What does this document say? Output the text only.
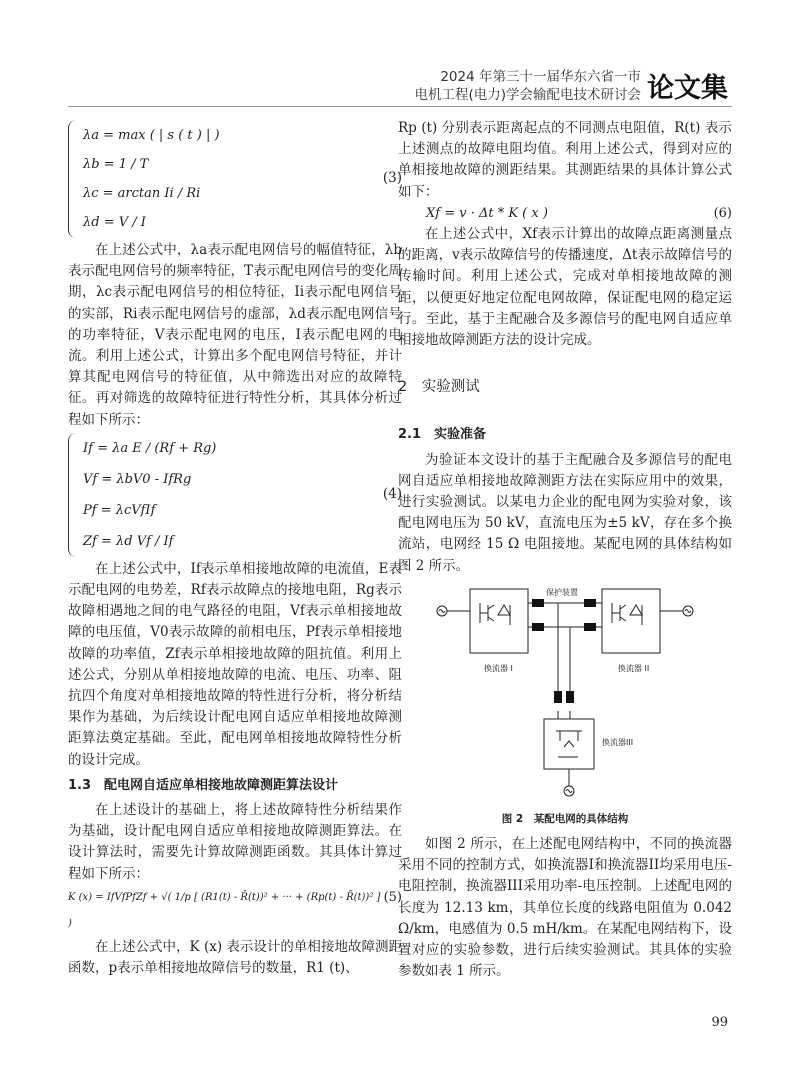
2024 年第三十一届华东六省一市
电机工程(电力)学会输配电技术研讨会 论文集
λa = max ( | s ( t ) | )
λb = 1 / T
λc = arctan Ii / Ri
λd = V / I
(3)

在上述公式中，λa表示配电网信号的幅值特征，λb表示配电网信号的频率特征，T表示配电网信号的变化周期，λc表示配电网信号的相位特征，Ii表示配电网信号的实部，Ri表示配电网信号的虚部，λd表示配电网信号的功率特征，V表示配电网的电压，I表示配电网的电流。利用上述公式，计算出多个配电网信号特征，并计算其配电网信号的特征值，从中筛选出对应的故障特征。再对筛选的故障特征进行特性分析，其具体分析过程如下所示：

If = λa E / (Rf + Rg)
Vf = λbV0 - IfRg
Pf = λcVfIf
Zf = λd Vf / If
(4)

在上述公式中，If表示单相接地故障的电流值，E表示配电网的电势差，Rf表示故障点的接地电阻，Rg表示故障相遇地之间的电气路径的电阻，Vf表示单相接地故障的电压值，V0表示故障的前相电压，Pf表示单相接地故障的功率值，Zf表示单相接地故障的阻抗值。利用上述公式，分别从单相接地故障的电流、电压、功率、阻抗四个角度对单相接地故障的特性进行分析，将分析结果作为基础，为后续设计配电网自适应单相接地故障测距算法奠定基础。至此，配电网单相接地故障特性分析的设计完成。

1.3　配电网自适应单相接地故障测距算法设计

在上述设计的基础上，将上述故障特性分析结果作为基础，设计配电网自适应单相接地故障测距算法。在设计算法时，需要先计算故障测距函数。其具体计算过程如下所示：

K (x) = IfVfPfZf + √( 1/p [ (R1(t) - R̄(t))² + ··· + (Rp(t) - R̄(t))² ] )
(5)

在上述公式中，K (x) 表示设计的单相接地故障测距函数，p表示单相接地故障信号的数量，R1 (t)、

Rp (t) 分别表示距离起点的不同测点电阻值，R(t) 表示上述测点的故障电阻均值。利用上述公式，得到对应的单相接地故障的测距结果。其测距结果的具体计算公式如下：

Xf = v · Δt * K ( x )	(6)

在上述公式中，Xf表示计算出的故障点距离测量点的距离，v表示故障信号的传播速度，Δt表示故障信号的传输时间。利用上述公式，完成对单相接地故障的测距，以便更好地定位配电网故障，保证配电网的稳定运行。至此，基于主配融合及多源信号的配电网自适应单相接地故障测距方法的设计完成。

2　实验测试
2.1　实验准备

为验证本文设计的基于主配融合及多源信号的配电网自适应单相接地故障测距方法在实际应用中的效果，进行实验测试。以某电力企业的配电网为实验对象，该配电网电压为 50 kV，直流电压为±5 kV，存在多个换流站，电网经 15 Ω 电阻接地。某配电网的具体结构如图 2 所示。

保护装置
换流器 I	换流器 II
换流器III
图 2　某配电网的具体结构

如图 2 所示，在上述配电网结构中，不同的换流器采用不同的控制方式，如换流器I和换流器II均采用电压-电阻控制，换流器III采用功率-电压控制。上述配电网的长度为 12.13 km，其单位长度的线路电阻值为 0.042 Ω/km，电感值为 0.5 mH/km。在某配电网结构下，设置对应的实验参数，进行后续实验测试。其具体的实验参数如表 1 所示。

99
